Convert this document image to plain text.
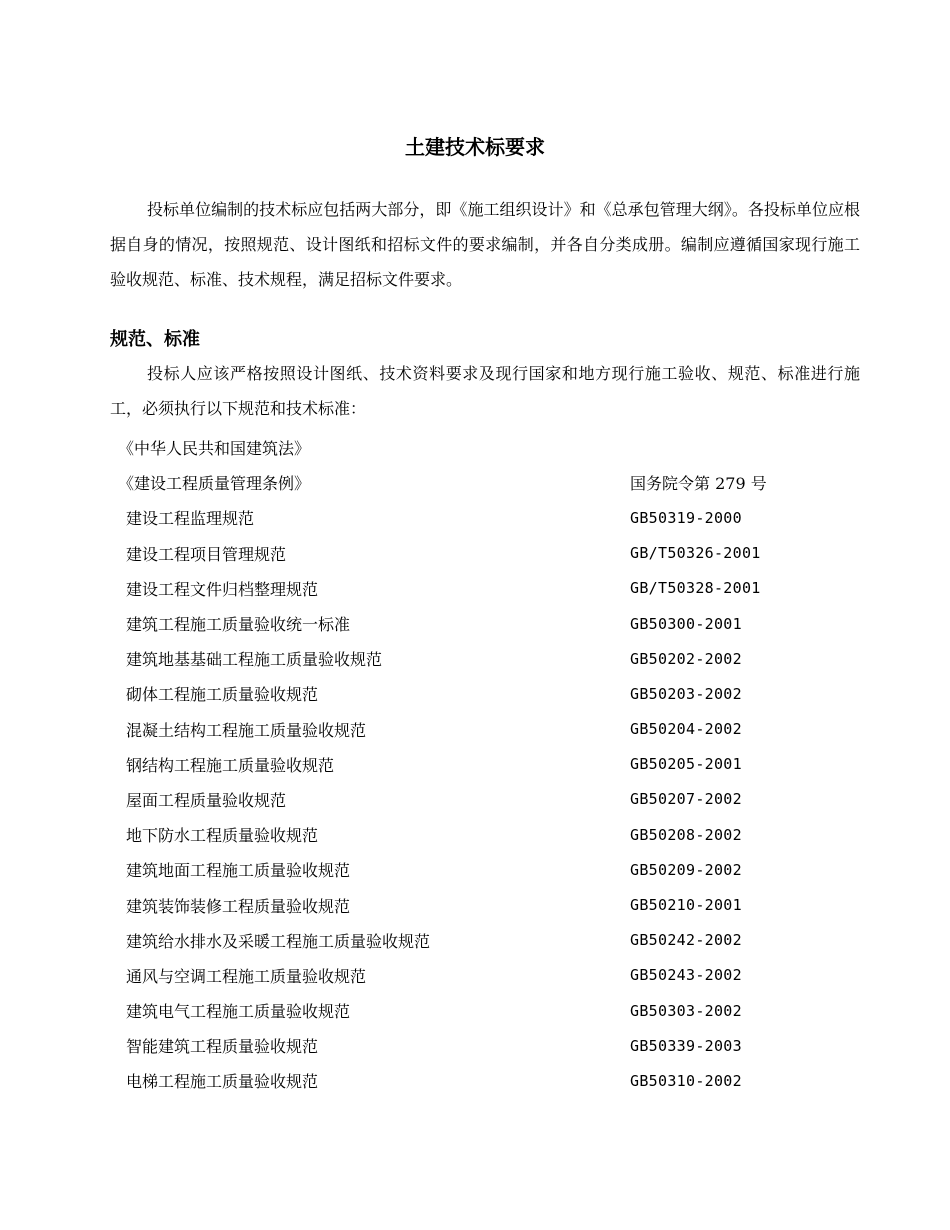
土建技术标要求

投标单位编制的技术标应包括两大部分，即《施工组织设计》和《总承包管理大纲》。各投标单位应根据自身的情况，按照规范、设计图纸和招标文件的要求编制，并各自分类成册。编制应遵循国家现行施工验收规范、标准、技术规程，满足招标文件要求。

规范、标准

投标人应该严格按照设计图纸、技术资料要求及现行国家和地方现行施工验收、规范、标准进行施工，必须执行以下规范和技术标准：

《中华人民共和国建筑法》
《建设工程质量管理条例》	国务院令第 279 号
建设工程监理规范	GB50319-2000
建设工程项目管理规范	GB/T50326-2001
建设工程文件归档整理规范	GB/T50328-2001
建筑工程施工质量验收统一标准	GB50300-2001
建筑地基基础工程施工质量验收规范	GB50202-2002
砌体工程施工质量验收规范	GB50203-2002
混凝土结构工程施工质量验收规范	GB50204-2002
钢结构工程施工质量验收规范	GB50205-2001
屋面工程质量验收规范	GB50207-2002
地下防水工程质量验收规范	GB50208-2002
建筑地面工程施工质量验收规范	GB50209-2002
建筑装饰装修工程质量验收规范	GB50210-2001
建筑给水排水及采暖工程施工质量验收规范	GB50242-2002
通风与空调工程施工质量验收规范	GB50243-2002
建筑电气工程施工质量验收规范	GB50303-2002
智能建筑工程质量验收规范	GB50339-2003
电梯工程施工质量验收规范	GB50310-2002
